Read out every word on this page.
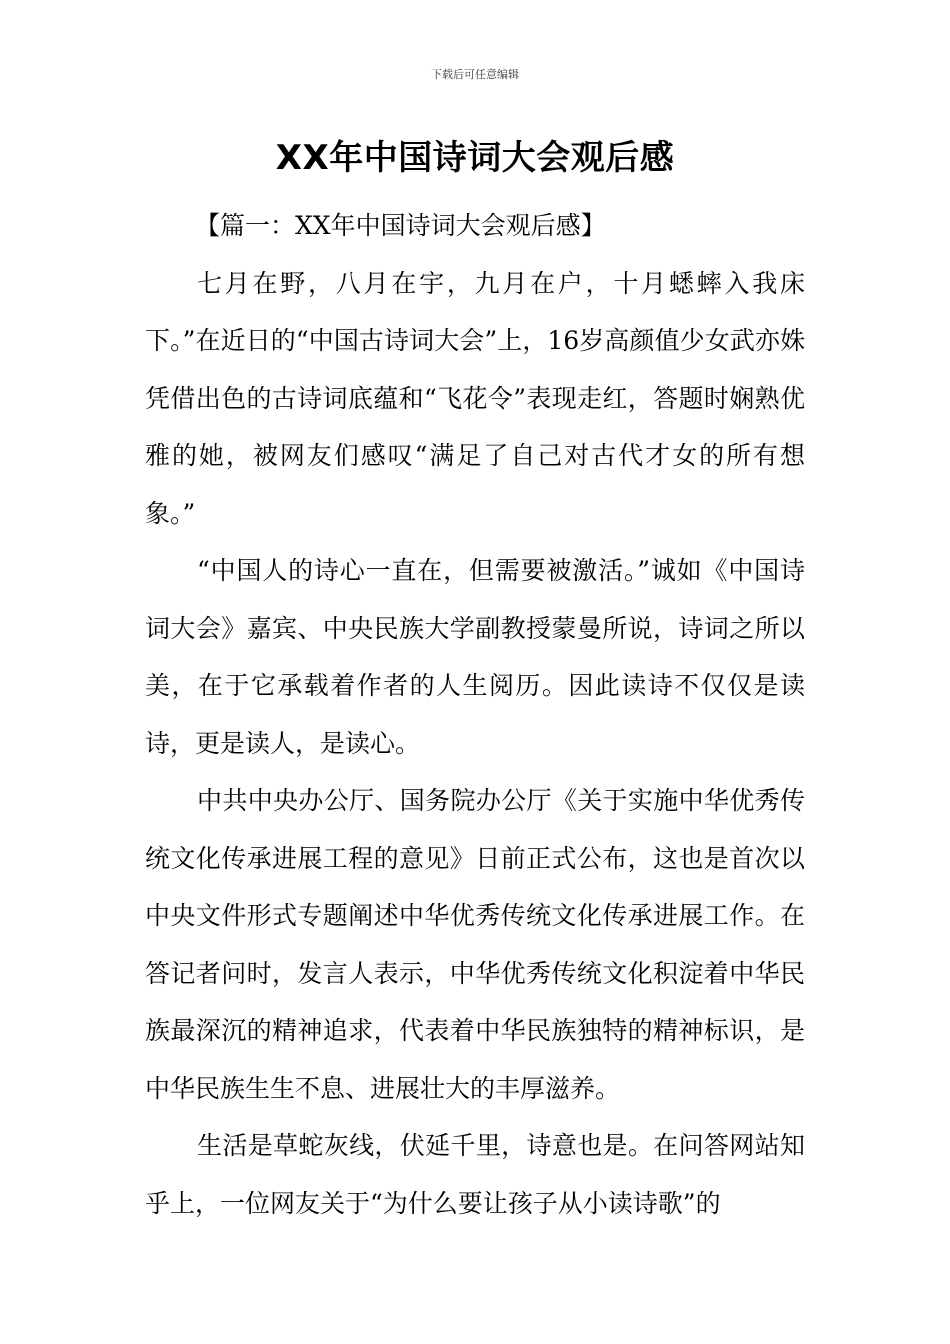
下载后可任意编辑
XX年中国诗词大会观后感
【篇一：XX年中国诗词大会观后感】

七月在野，八月在宇，九月在户，十月蟋蟀入我床下。”在近日的“中国古诗词大会”上，16岁高颜值少女武亦姝凭借出色的古诗词底蕴和“飞花令”表现走红，答题时娴熟优雅的她，被网友们感叹“满足了自己对古代才女的所有想象。”

“中国人的诗心一直在，但需要被激活。”诚如《中国诗词大会》嘉宾、中央民族大学副教授蒙曼所说，诗词之所以美，在于它承载着作者的人生阅历。因此读诗不仅仅是读诗，更是读人，是读心。

中共中央办公厅、国务院办公厅《关于实施中华优秀传统文化传承进展工程的意见》日前正式公布，这也是首次以中央文件形式专题阐述中华优秀传统文化传承进展工作。在答记者问时，发言人表示，中华优秀传统文化积淀着中华民族最深沉的精神追求，代表着中华民族独特的精神标识，是中华民族生生不息、进展壮大的丰厚滋养。

生活是草蛇灰线，伏延千里，诗意也是。在问答网站知乎上，一位网友关于“为什么要让孩子从小读诗歌”的
